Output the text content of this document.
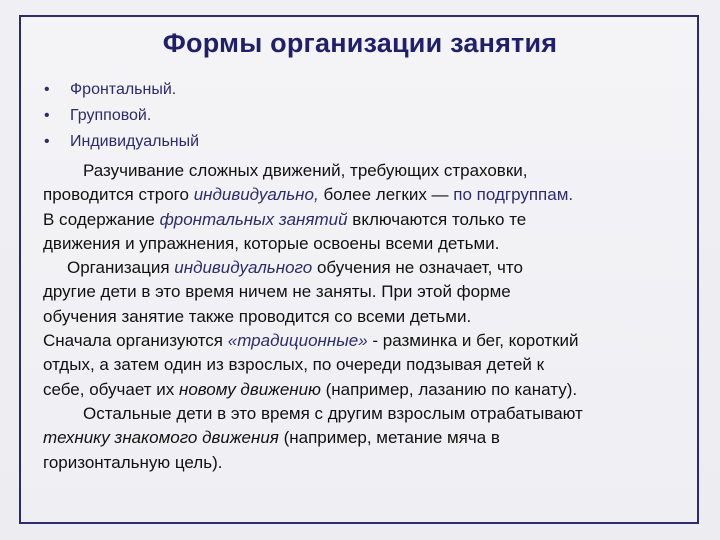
Формы организации занятия
• Фронтальный.
• Групповой.
• Индивидуальный
Разучивание сложных движений, требующих страховки,
проводится строго индивидуально, более легких — по подгруппам.
В содержание фронтальных занятий включаются только те
движения и упражнения, которые освоены всеми детьми.
Организация индивидуального обучения не означает, что
другие дети в это время ничем не заняты. При этой форме
обучения занятие также проводится со всеми детьми.
Сначала организуются «традиционные» - разминка и бег, короткий
отдых, а затем один из взрослых, по очереди подзывая детей к
себе, обучает их новому движению (например, лазанию по канату).
Остальные дети в это время с другим взрослым отрабатывают
технику знакомого движения (например, метание мяча в
горизонтальную цель).
